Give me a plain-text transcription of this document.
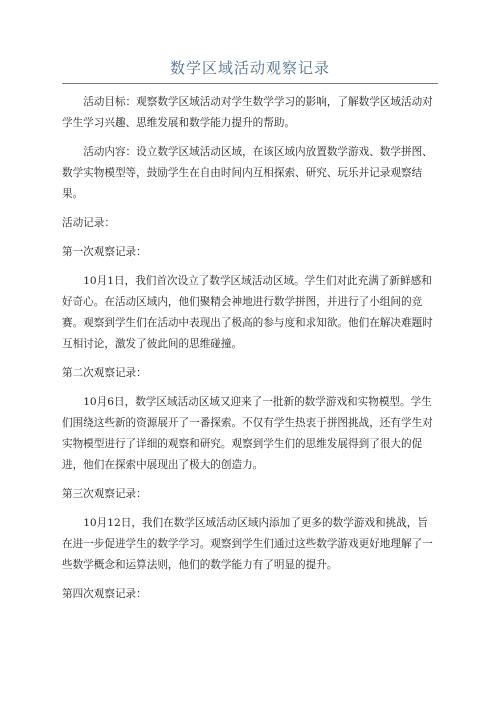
数学区域活动观察记录

活动目标：观察数学区域活动对学生数学学习的影响，了解数学区域活动对学生学习兴趣、思维发展和数学能力提升的帮助。

活动内容：设立数学区域活动区域，在该区域内放置数学游戏、数学拼图、数学实物模型等，鼓励学生在自由时间内互相探索、研究、玩乐并记录观察结果。

活动记录：

第一次观察记录：

10月1日，我们首次设立了数学区域活动区域。学生们对此充满了新鲜感和好奇心。在活动区域内，他们聚精会神地进行数学拼图，并进行了小组间的竞赛。观察到学生们在活动中表现出了极高的参与度和求知欲。他们在解决难题时互相讨论，激发了彼此间的思维碰撞。

第二次观察记录：

10月6日，数学区域活动区域又迎来了一批新的数学游戏和实物模型。学生们围绕这些新的资源展开了一番探索。不仅有学生热衷于拼图挑战，还有学生对实物模型进行了详细的观察和研究。观察到学生们的思维发展得到了很大的促进，他们在探索中展现出了极大的创造力。

第三次观察记录：

10月12日，我们在数学区域活动区域内添加了更多的数学游戏和挑战，旨在进一步促进学生的数学学习。观察到学生们通过这些数学游戏更好地理解了一些数学概念和运算法则，他们的数学能力有了明显的提升。

第四次观察记录：
